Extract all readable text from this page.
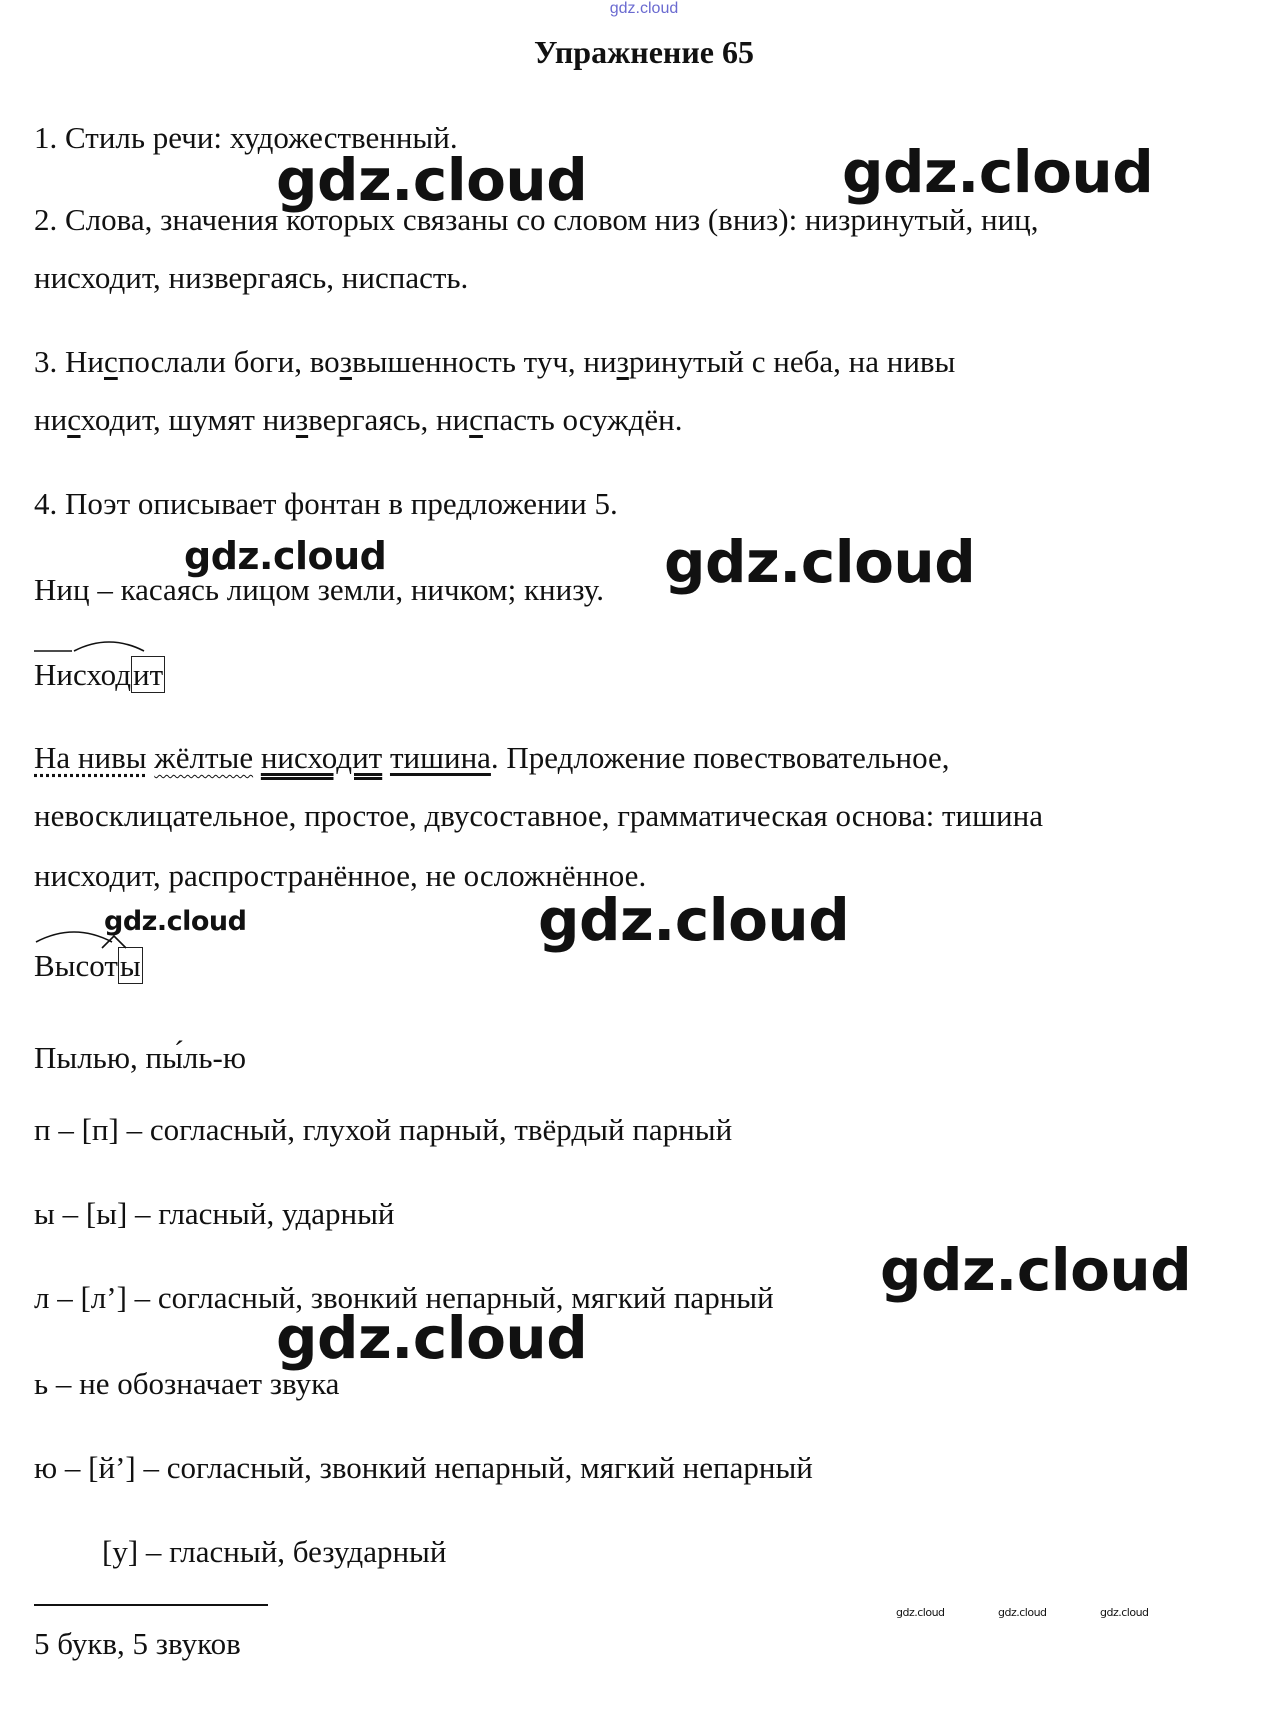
gdz.cloud
Упражнение 65
1. Стиль речи: художественный.
2. Слова, значения которых связаны со словом низ (вниз): низринутый, ниц,
нисходит, низвергаясь, ниспасть.
3. Ниспослали боги, возвышенность туч, низринутый с неба, на нивы
нисходит, шумят низвергаясь, ниспасть осуждён.
4. Поэт описывает фонтан в предложении 5.
Ниц – касаясь лицом земли, ничком; книзу.
Нисходит
На нивы жёлтые нисходит тишина. Предложение повествовательное,
невосклицательное, простое, двусоставное, грамматическая основа: тишина
нисходит, распространённое, не осложнённое.
Высоты
Пылью, пы́ль-ю
п – [п] – согласный, глухой парный, твёрдый парный
ы – [ы] – гласный, ударный
л – [л’] – согласный, звонкий непарный, мягкий парный
ь – не обозначает звука
ю – [й’] – согласный, звонкий непарный, мягкий непарный
[у] – гласный, безударный
5 букв, 5 звуков
gdz.cloud	gdz.cloud
gdz.cloud	gdz.cloud
gdz.cloud	gdz.cloud
gdz.cloud
gdz.cloud
gdz.cloud	gdz.cloud	gdz.cloud
